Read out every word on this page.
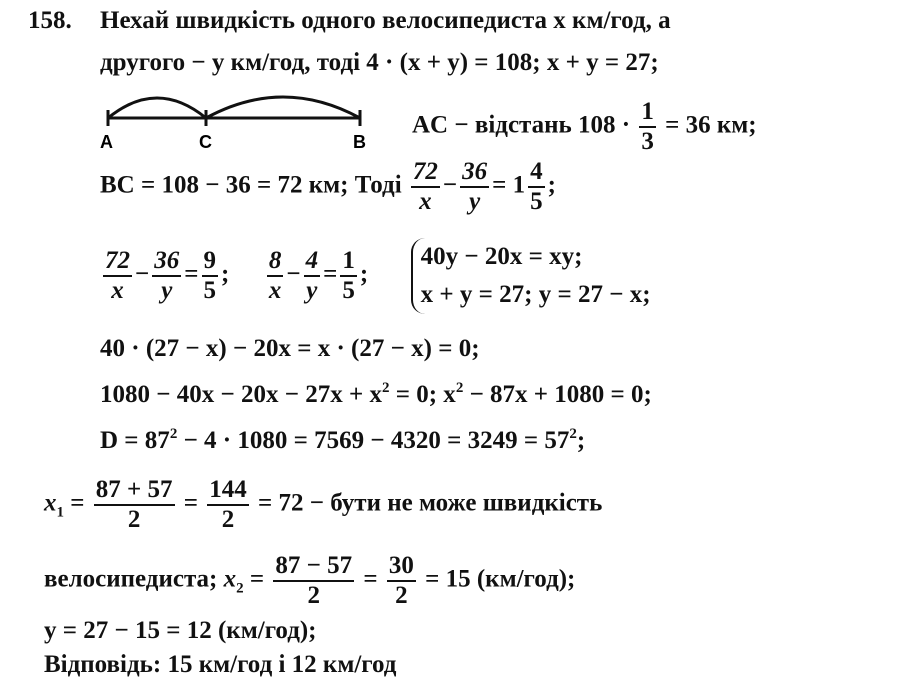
158. Нехай швидкість одного велосипедиста x км/год, а
другого − y км/год, тоді 4 · (x + y) = 108; x + y = 27;
A	C	B
AC − відстань $108 \cdot \frac{1}{3} = 36$ км;
BC = 108 − 36 = 72 км; Тоді $\frac{72}{x} - \frac{36}{y} = 1 \frac{4}{5}$ ;
$\frac{72}{x} - \frac{36}{y} = \frac{9}{5}$ ; $\frac{8}{x} - \frac{4}{y} = \frac{1}{5}$ ;
40y − 20x = xy;
x + y = 27; y = 27 − x;
40 · (27 − x) − 20x = x · (27 − x) = 0;
$1080 - 40x - 20x - 27x + x^2 = 0$; $x^2 - 87x + 1080 = 0$;
$D = 87^2 - 4 \cdot 1080 = 7569 - 4320 = 3249 = 57^2$;
$x_1 = \frac{87 + 57}{2} = \frac{144}{2} = 72$ − бути не може швидкість
велосипедиста; $x_2 = \frac{87 - 57}{2} = \frac{30}{2} = 15$ (км/год);
y = 27 − 15 = 12 (км/год);
Відповідь: 15 км/год і 12 км/год
